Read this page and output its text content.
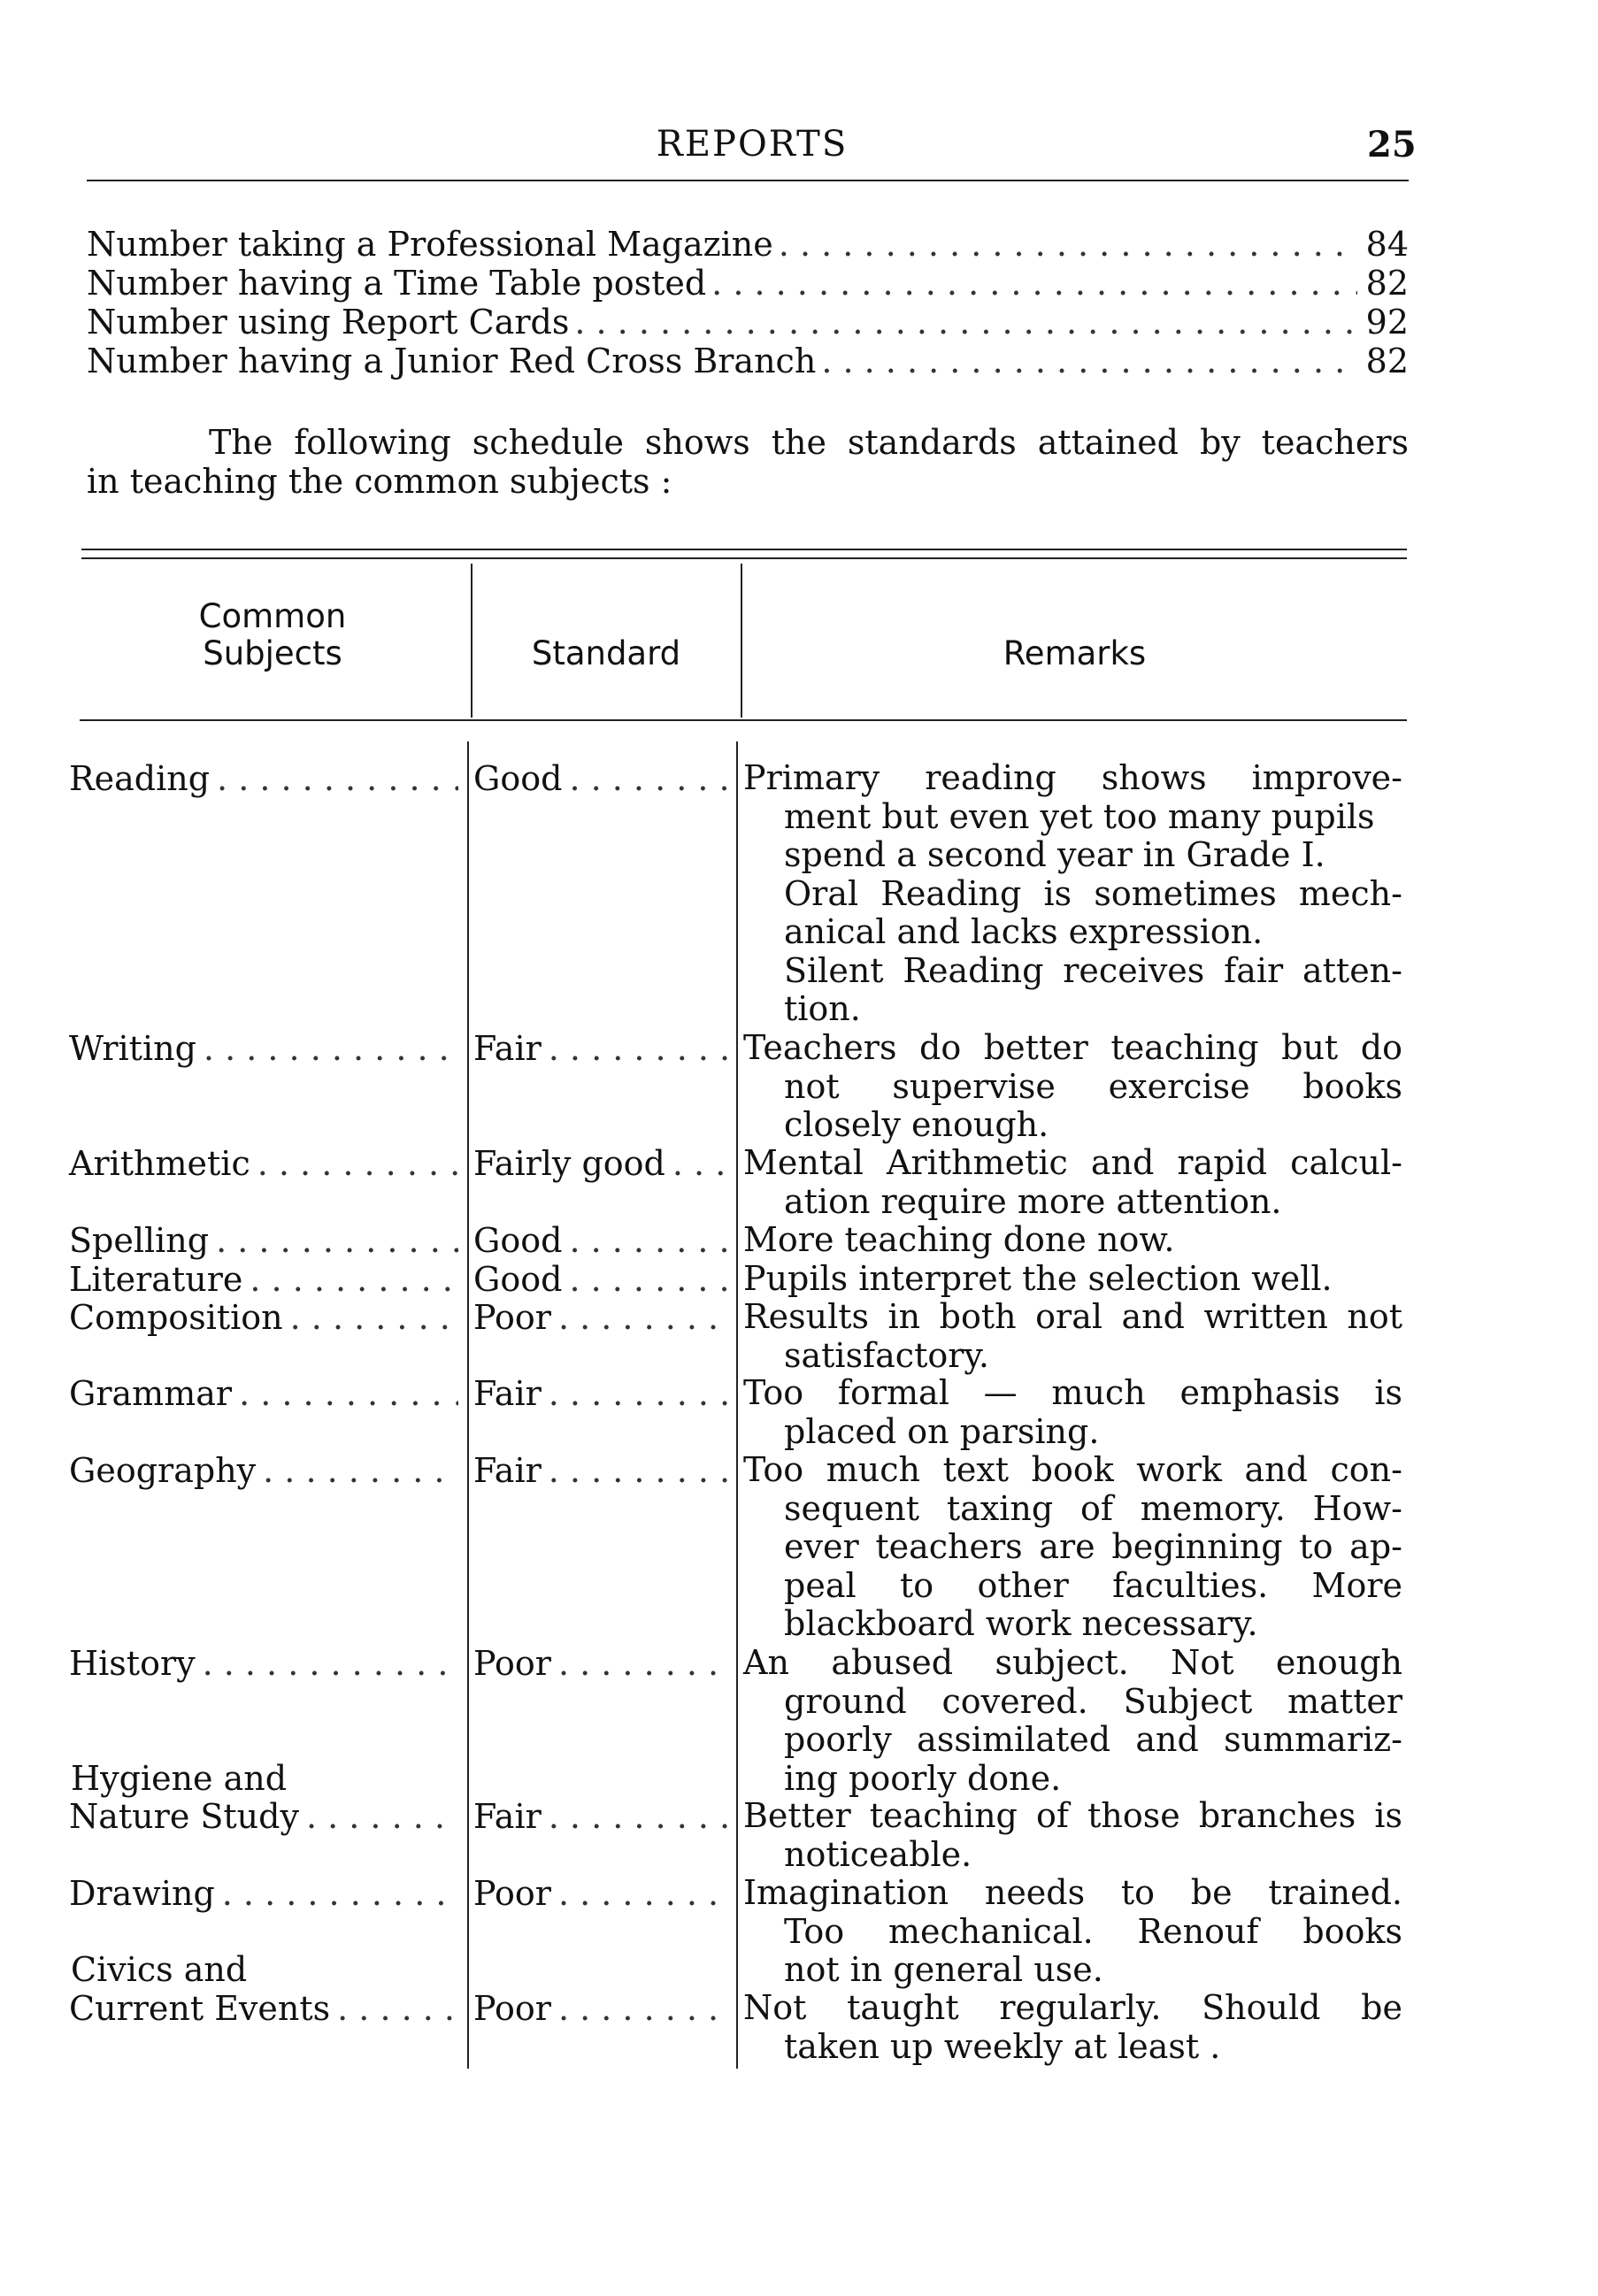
REPORTS	25
Number taking a Professional Magazine . . .	84
Number having a Time Table posted . . .	82
Number using Report Cards . . .	92
Number having a Junior Red Cross Branch . . .	82
The following schedule shows the standards attained by teachers
in teaching the common subjects :
Common
Subjects	Standard	Remarks
Reading . . .	Good . . .	Primary reading shows improve-
ment but even yet too many pupils
spend a second year in Grade I.
Oral Reading is sometimes mech-
anical and lacks expression.
Silent Reading receives fair atten-
tion.
Writing . . .	Fair . . .	Teachers do better teaching but do
not supervise exercise books
closely enough.
Arithmetic . . .	Fairly good . . . Mental Arithmetic and rapid calcul-
ation require more attention.
Spelling . . .	Good . . .	More teaching done now.
Literature . . .	Good . . .	Pupils interpret the selection well.
Composition . . .	Poor . . .	Results in both oral and written not
satisfactory.
Grammar . . .	Fair . . .	Too formal — much emphasis is
placed on parsing.
Geography . . .	Fair . . .	Too much text book work and con-
sequent taxing of memory. How-
ever teachers are beginning to ap-
peal to other faculties. More
blackboard work necessary.
History . . .	Poor . . .	An abused subject. Not enough
ground covered. Subject matter
poorly assimilated and summariz-
ing poorly done.
Hygiene and
Nature Study . . .	Fair . . .	Better teaching of those branches is
noticeable.
Drawing . . .	Poor . . .	Imagination needs to be trained.
Too mechanical. Renouf books
not in general use.
Civics and
Current Events . . .	Poor . . .	Not taught regularly. Should be
taken up weekly at least .
